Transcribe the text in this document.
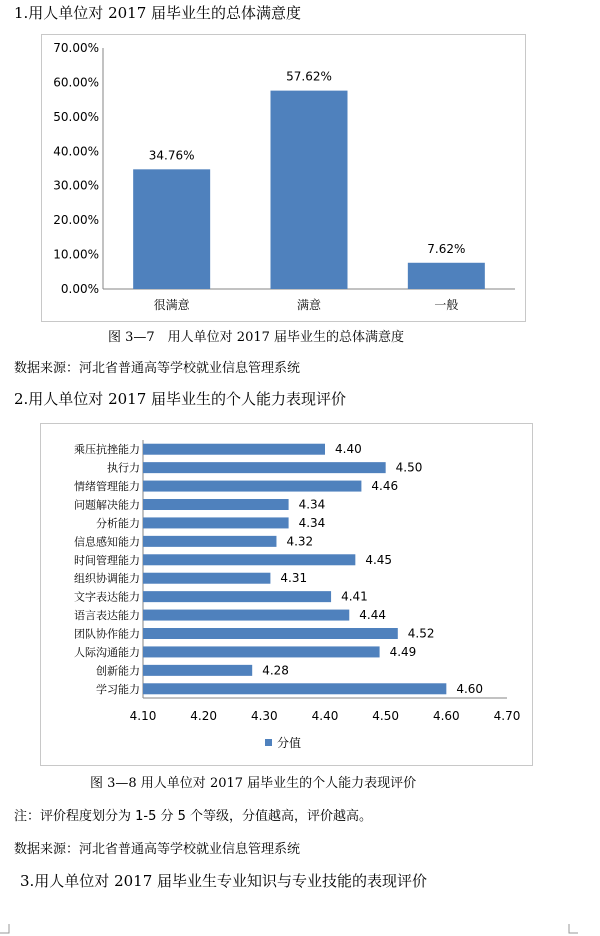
1.用人单位对 2017 届毕业生的总体满意度
0.00%
10.00%
20.00%
30.00%
40.00%
50.00%
60.00%
70.00%
34.76%
很满意
57.62%
满意
7.62%
一般
图 3—7　用人单位对 2017 届毕业生的总体满意度
数据来源：河北省普通高等学校就业信息管理系统
2.用人单位对 2017 届毕业生的个人能力表现评价
4.40
乘压抗挫能力
4.50
执行力
4.46
情绪管理能力
4.34
问题解决能力
4.34
分析能力
4.32
信息感知能力
4.45
时间管理能力
4.31
组织协调能力
4.41
文字表达能力
4.44
语言表达能力
4.52
团队协作能力
4.49
人际沟通能力
4.28
创新能力
4.60
学习能力
4.10	4.20	4.30	4.40	4.50	4.60	4.70
分值
图 3—8 用人单位对 2017 届毕业生的个人能力表现评价
注：评价程度划分为 1-5 分 5 个等级，分值越高，评价越高。
数据来源：河北省普通高等学校就业信息管理系统
3.用人单位对 2017 届毕业生专业知识与专业技能的表现评价
